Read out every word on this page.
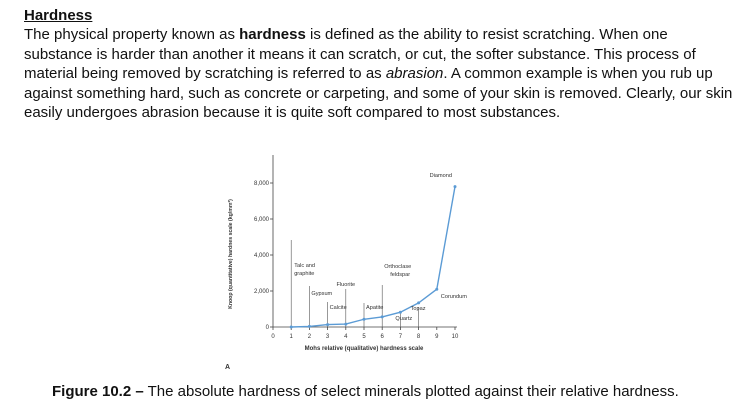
Hardness
The physical property known as hardness is defined as the ability to resist scratching. When one substance is harder than another it means it can scratch, or cut, the softer substance. This process of material being removed by scratching is referred to as abrasion. A common example is when you rub up against something hard, such as concrete or carpeting, and some of your skin is removed. Clearly, our skin easily undergoes abrasion because it is quite soft compared to most substances.
0
2,000
4,000
6,000
8,000
0 1 2 3 4 5 6 7 8 9 10
Mohs relative (qualitative) hardness scale
Knoop (quantitative) hardnes scale (kg/mm²)	Talc and
graphite
Gypsum
Calcite
Fluorite
Apatite
Orthoclase
feldspar
Quartz
Topaz
Corundum
Diamond
A
Figure 10.2 – The absolute hardness of select minerals plotted against their relative hardness.
